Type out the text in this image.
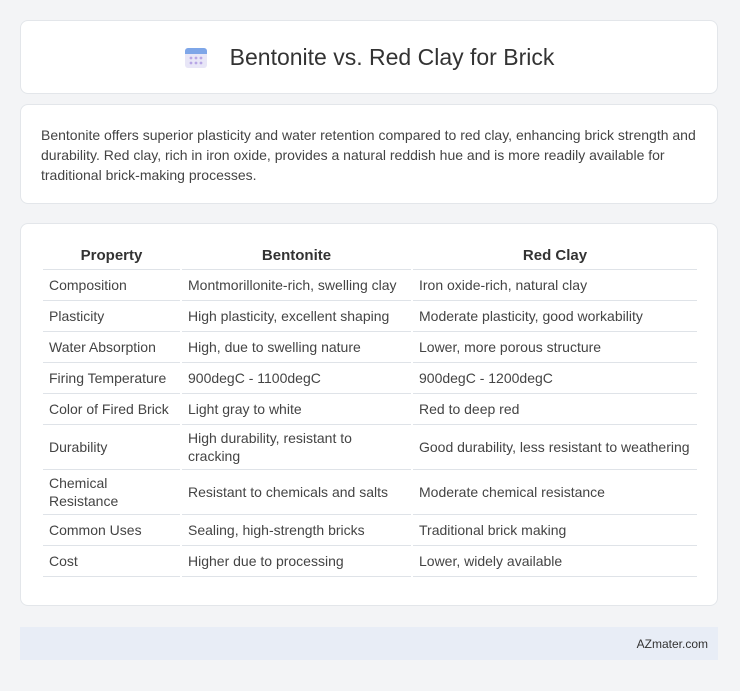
Bentonite vs. Red Clay for Brick

Bentonite offers superior plasticity and water retention compared to red clay, enhancing brick strength and durability. Red clay, rich in iron oxide, provides a natural reddish hue and is more readily available for traditional brick-making processes.

Property	Bentonite	Red Clay
Composition	Montmorillonite-rich, swelling clay	Iron oxide-rich, natural clay
Plasticity	High plasticity, excellent shaping	Moderate plasticity, good workability
Water Absorption	High, due to swelling nature	Lower, more porous structure
Firing Temperature	900degC - 1100degC	900degC - 1200degC
Color of Fired Brick	Light gray to white	Red to deep red
Durability	High durability, resistant to cracking	Good durability, less resistant to weathering
Chemical Resistance	Resistant to chemicals and salts	Moderate chemical resistance
Common Uses	Sealing, high-strength bricks	Traditional brick making
Cost	Higher due to processing	Lower, widely available
AZmater.com
